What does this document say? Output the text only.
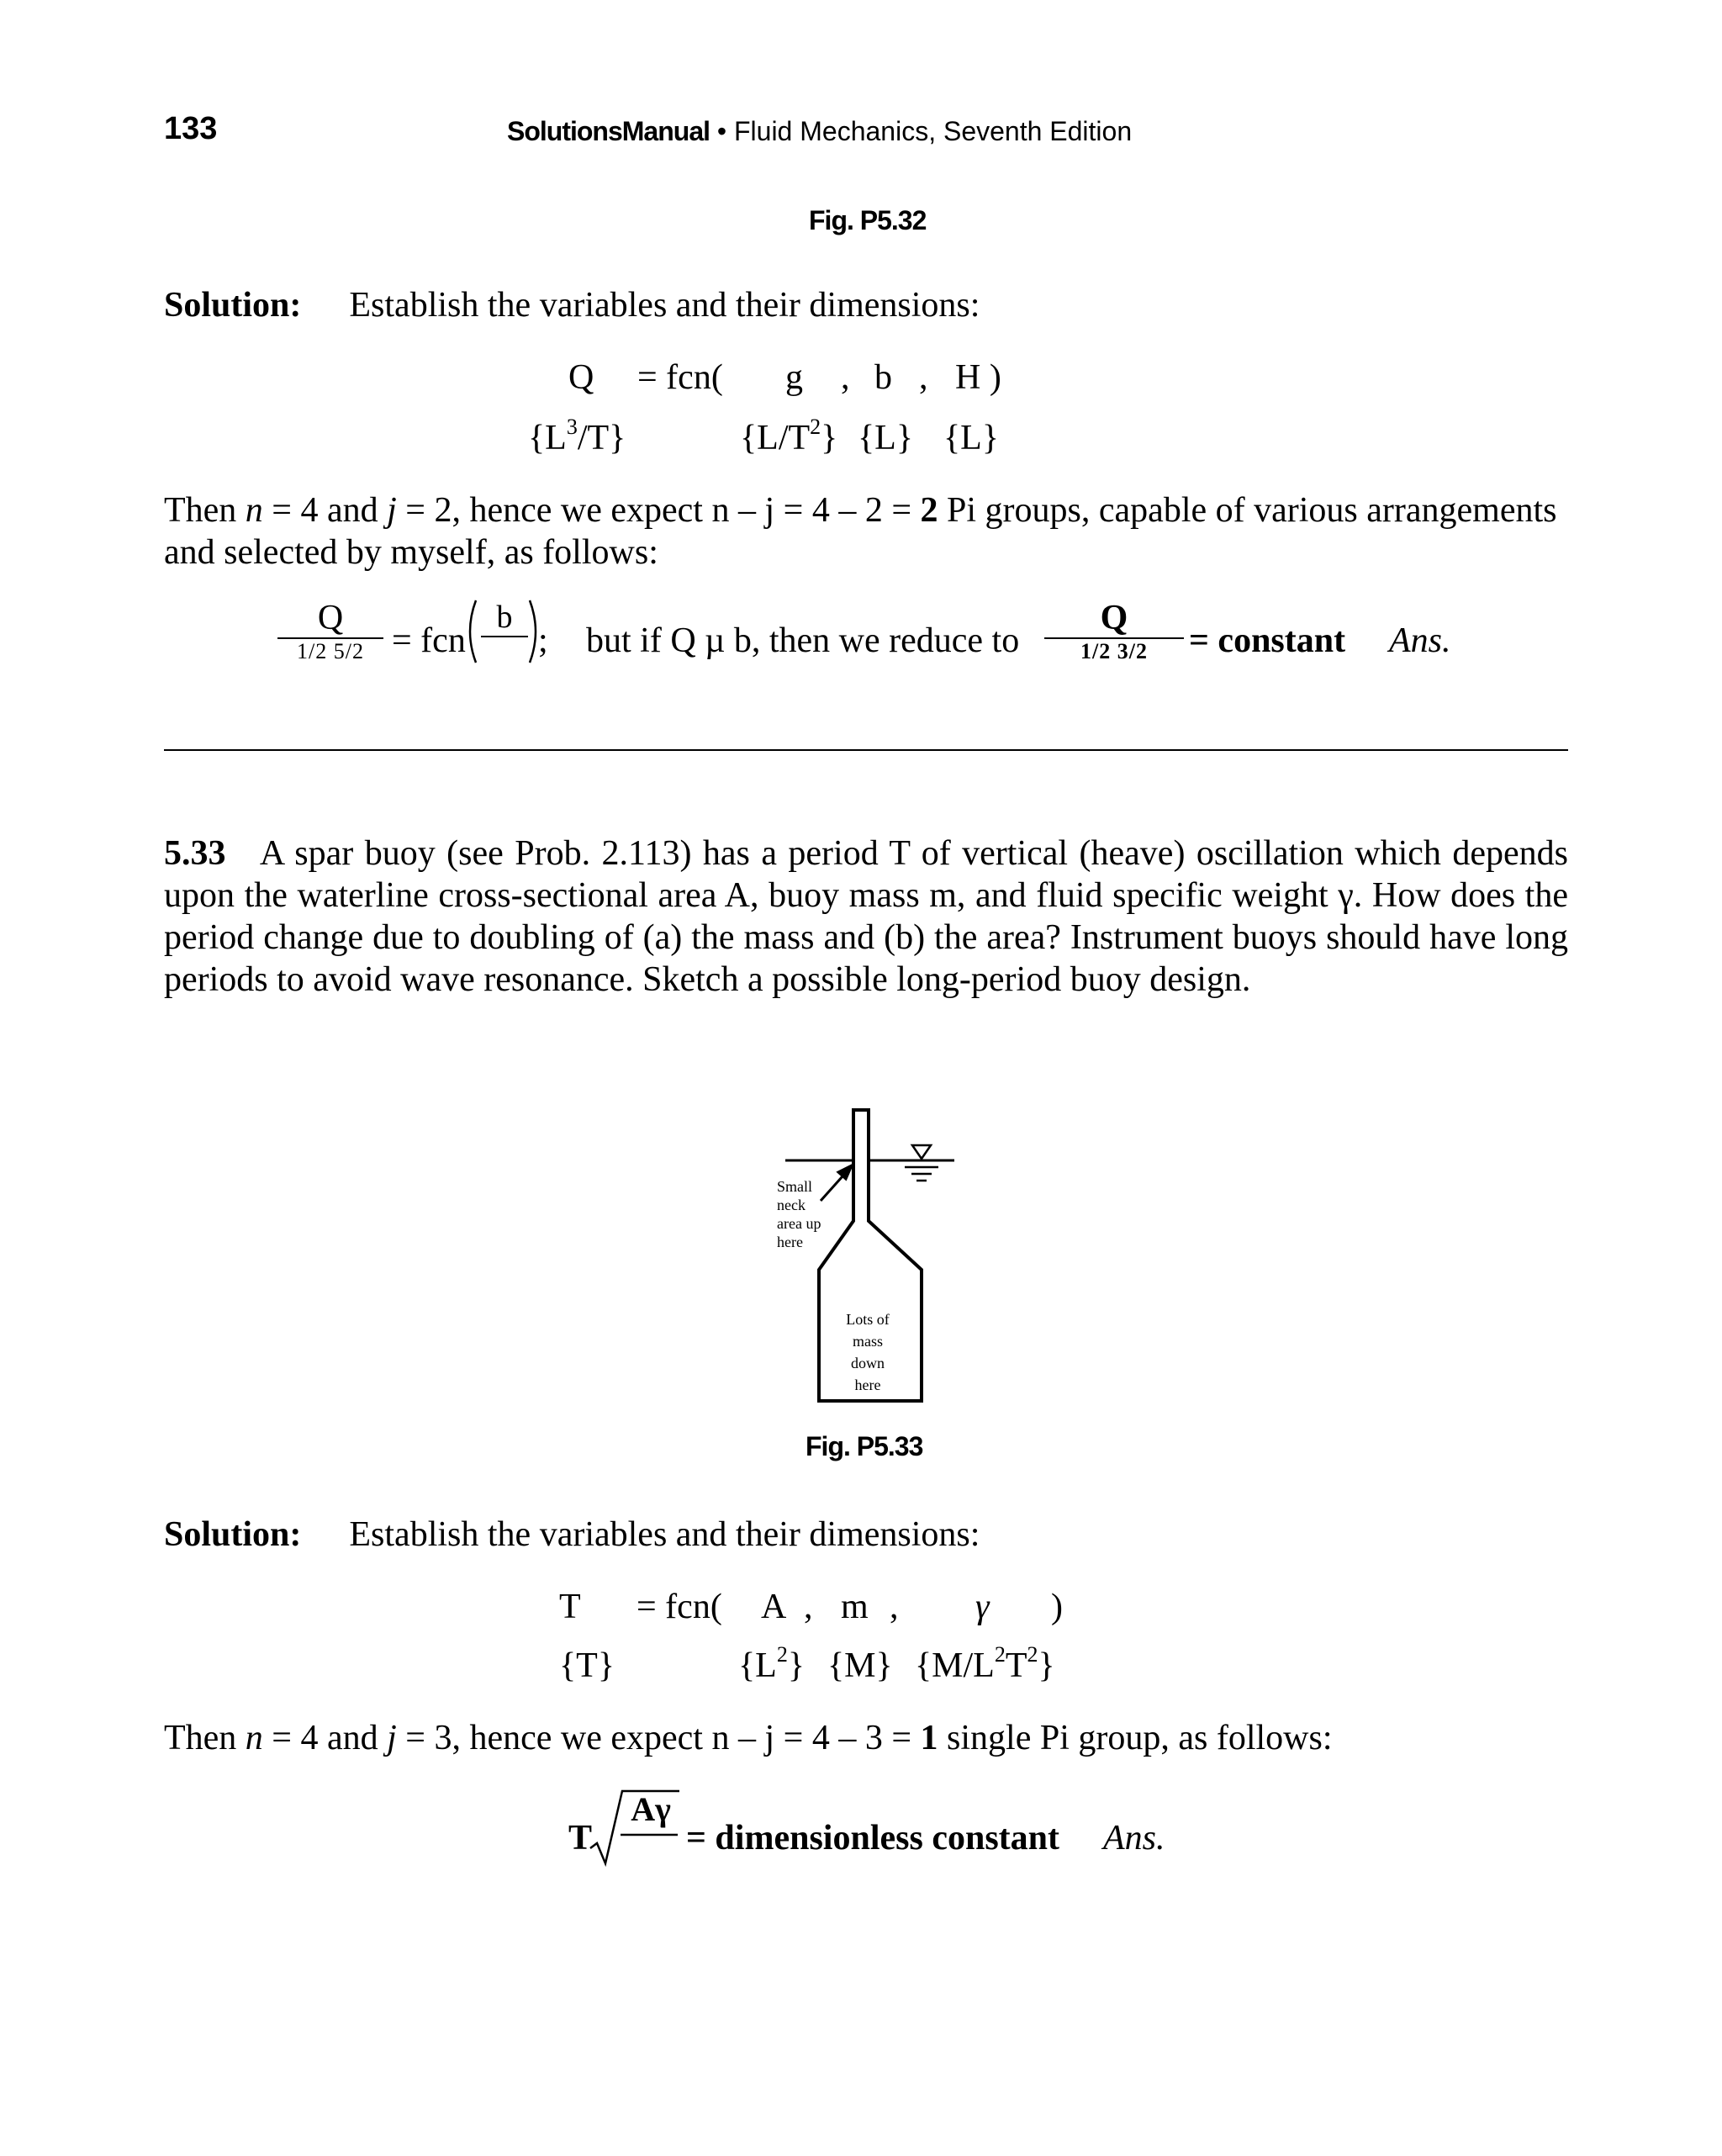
133	SolutionsManual • Fluid Mechanics, Seventh Edition
Fig. P5.32
Solution: Establish the variables and their dimensions:
Q = fcn( g , b , H )
$\{L^3/T\}$	$\{L/T^2\}$ {L} {L}
Then n = 4 and j = 2, hence we expect n – j = 4 – 2 = 2 Pi groups, capable of various arrangements
and selected by myself, as follows:
Q
1/2 5/2 = fcn
b
; but if Q µ b, then we reduce to
Q
1/2 3/2	= constant Ans.
5.33 A spar buoy (see Prob. 2.113) has a period T of vertical (heave) oscillation which depends upon the waterline cross-sectional area A, buoy mass m, and fluid specific weight γ. How does the period change due to doubling of (a) the mass and (b) the area? Instrument buoys should have long periods to avoid wave resonance. Sketch a possible long-period buoy design.
Small
neck
area up
here
Lots of
mass
down
here
Fig. P5.33
Solution: Establish the variables and their dimensions:
T = fcn( A , m , γ )
{T}	$\{L^2\}$ {M} $\{M/L^2T^2\}$
Then n = 4 and j = 3, hence we expect n – j = 4 – 3 = 1 single Pi group, as follows:
T
Aγ
= dimensionless constant Ans.
